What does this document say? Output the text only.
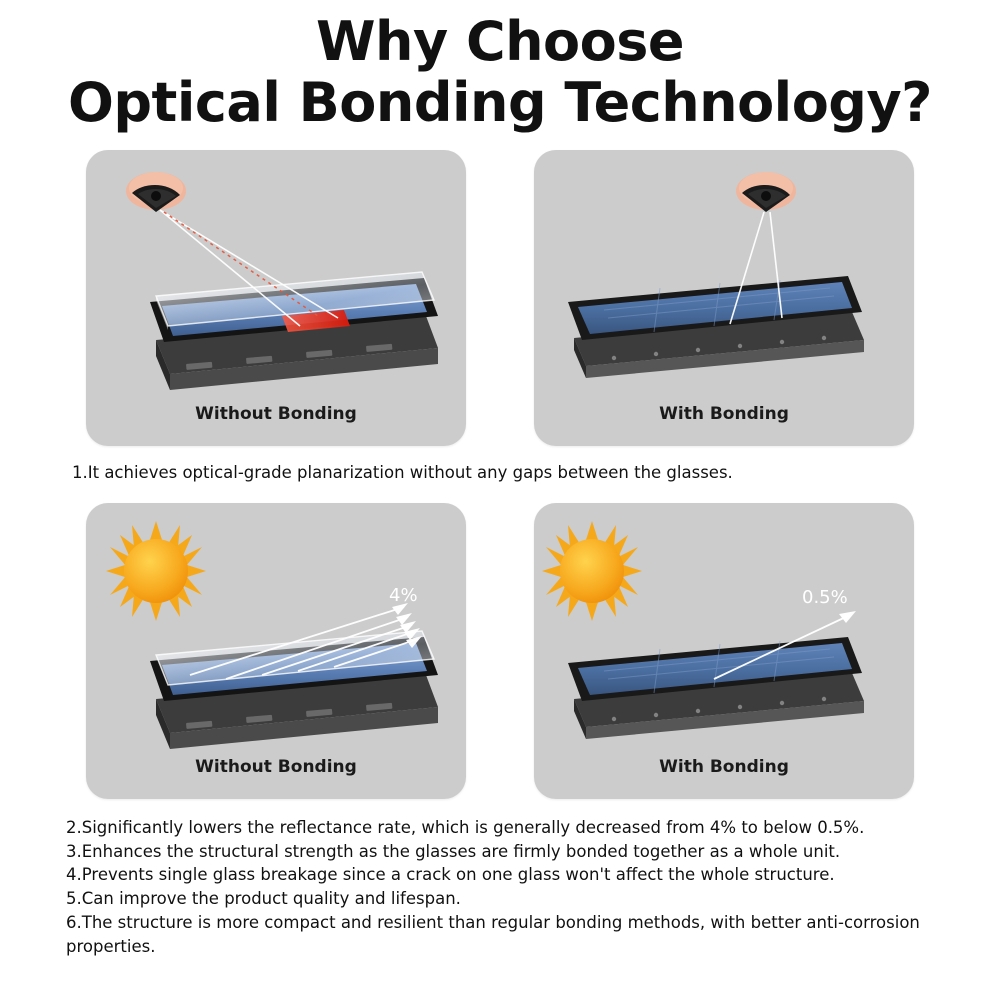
Why Choose
Optical Bonding Technology?
Without Bonding	With Bonding
1.It achieves optical-grade planarization without any gaps between the glasses.
4%
Without Bonding
0.5%
With Bonding
2.Significantly lowers the reflectance rate, which is generally decreased from 4% to below 0.5%.
3.Enhances the structural strength as the glasses are firmly bonded together as a whole unit.
4.Prevents single glass breakage since a crack on one glass won't affect the whole structure.
5.Can improve the product quality and lifespan.
6.The structure is more compact and resilient than regular bonding methods, with better anti-corrosion
properties.
